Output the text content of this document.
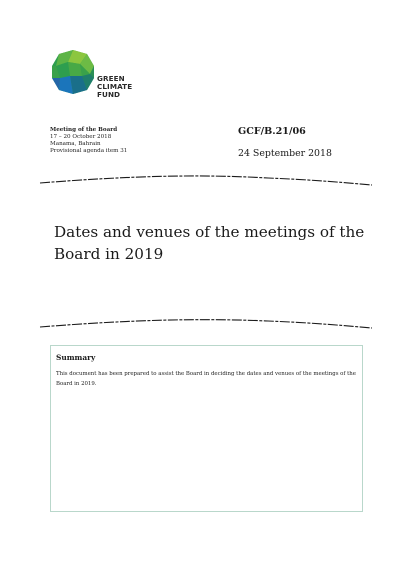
GREEN
CLIMATE
FUND
Meeting of the Board
17 – 20 October 2018
Manama, Bahrain
Provisional agenda item 31
GCF/B.21/06
24 September 2018
Dates and venues of the meetings of the Board in 2019
Summary
This document has been prepared to assist the Board in deciding the dates and venues of the meetings of the Board in 2019.
